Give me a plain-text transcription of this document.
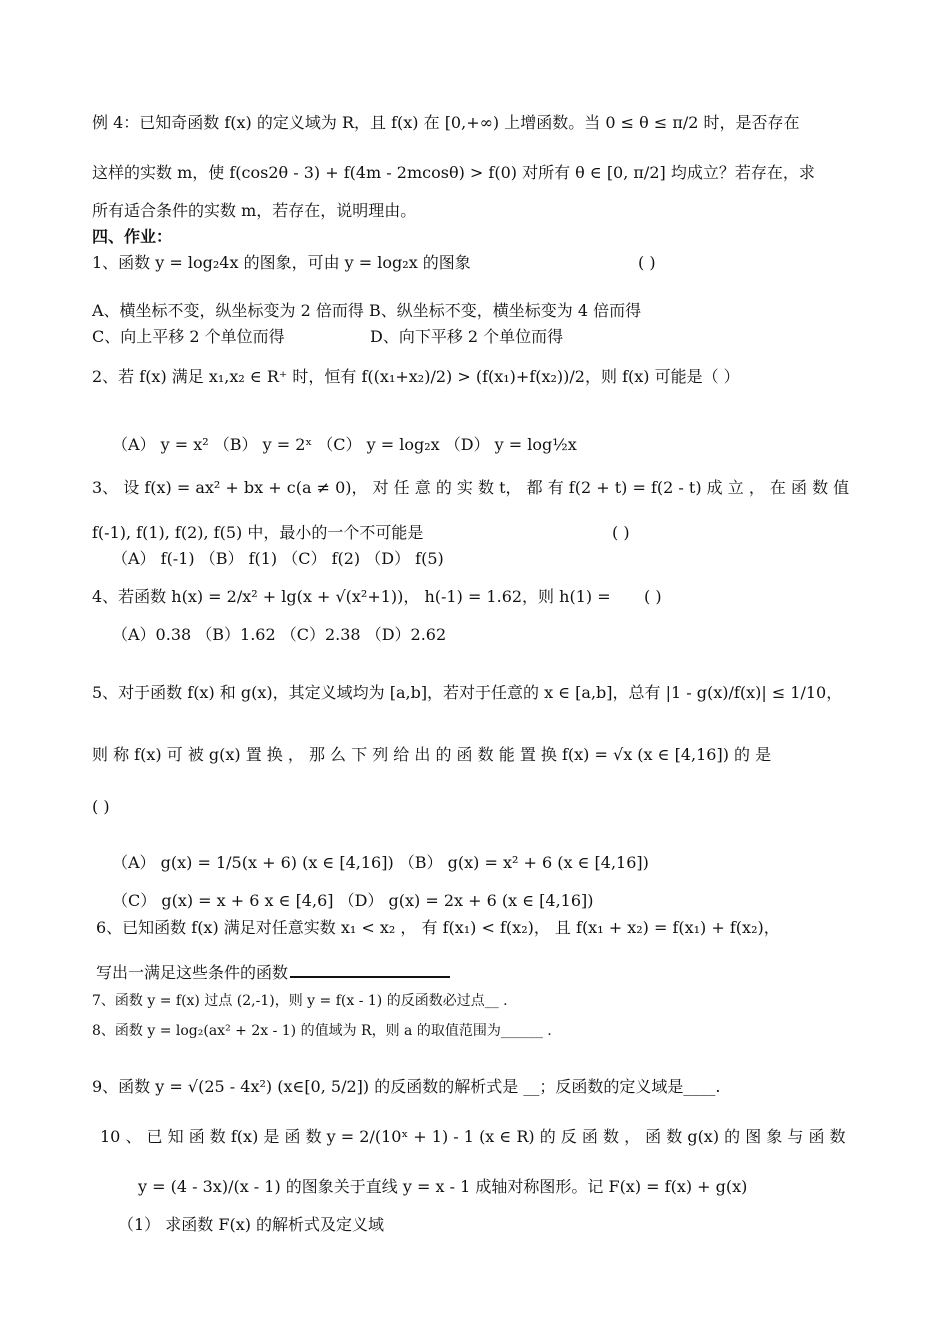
例 4：已知奇函数 f(x) 的定义域为 R，且 f(x) 在 [0,+∞) 上增函数。当 0 ≤ θ ≤ π/2 时，是否存在
这样的实数 m，使 f(cos2θ - 3) + f(4m - 2mcosθ) > f(0) 对所有 θ ∈ [0, π/2] 均成立？若存在，求
所有适合条件的实数 m，若存在，说明理由。
四、作业：
1、函数 y = log₂4x 的图象，可由 y = log₂x 的图象	( )
A、横坐标不变，纵坐标变为 2 倍而得 B、纵坐标不变，横坐标变为 4 倍而得
C、向上平移 2 个单位而得	D、向下平移 2 个单位而得
2、若 f(x) 满足 x₁,x₂ ∈ R⁺ 时，恒有 f((x₁+x₂)/2) > (f(x₁)+f(x₂))/2，则 f(x) 可能是（ ）
（A） y = x² （B） y = 2ˣ （C） y = log₂x （D） y = log½x
3、 设 f(x) = ax² + bx + c(a ≠ 0)， 对 任 意 的 实 数 t， 都 有 f(2 + t) = f(2 - t) 成 立 ， 在 函 数 值
f(-1), f(1), f(2), f(5) 中，最小的一个不可能是	( )
（A） f(-1) （B） f(1) （C） f(2) （D） f(5)
4、若函数 h(x) = 2/x² + lg(x + √(x²+1))， h(-1) = 1.62，则 h(1) = ( )
（A）0.38 （B）1.62 （C）2.38 （D）2.62
5、对于函数 f(x) 和 g(x)，其定义域均为 [a,b]，若对于任意的 x ∈ [a,b]，总有 |1 - g(x)/f(x)| ≤ 1/10，
则 称 f(x) 可 被 g(x) 置 换 ， 那 么 下 列 给 出 的 函 数 能 置 换 f(x) = √x (x ∈ [4,16]) 的 是
( )
（A） g(x) = 1/5(x + 6) (x ∈ [4,16]) （B） g(x) = x² + 6 (x ∈ [4,16])
（C） g(x) = x + 6 x ∈ [4,6] （D） g(x) = 2x + 6 (x ∈ [4,16])
6、已知函数 f(x) 满足对任意实数 x₁ < x₂ ， 有 f(x₁) < f(x₂)， 且 f(x₁ + x₂) = f(x₁) + f(x₂)，
写出一满足这些条件的函数
7、函数 y = f(x) 过点 (2,-1)，则 y = f(x - 1) 的反函数必过点__ .
8、函数 y = log₂(ax² + 2x - 1) 的值域为 R，则 a 的取值范围为______ .
9、函数 y = √(25 - 4x²) (x∈[0, 5/2]) 的反函数的解析式是 __；反函数的定义域是____.
10 、 已 知 函 数 f(x) 是 函 数 y = 2/(10ˣ + 1) - 1 (x ∈ R) 的 反 函 数 ， 函 数 g(x) 的 图 象 与 函 数
y = (4 - 3x)/(x - 1) 的图象关于直线 y = x - 1 成轴对称图形。记 F(x) = f(x) + g(x)
（1） 求函数 F(x) 的解析式及定义域
